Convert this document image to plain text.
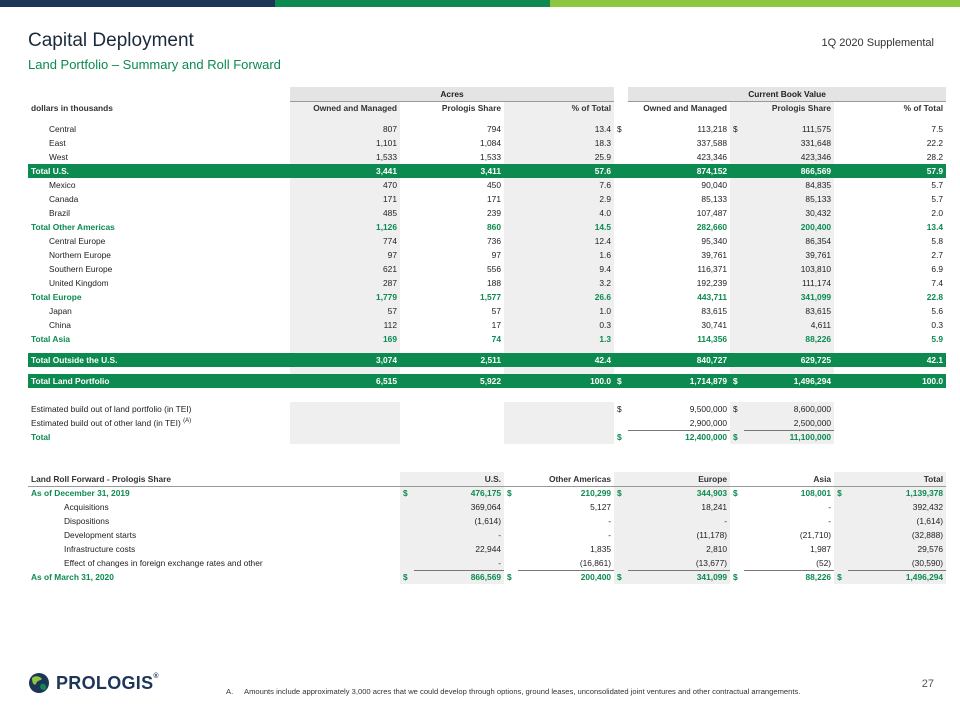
Capital Deployment
Land Portfolio – Summary and Roll Forward
1Q 2020 Supplemental
	Acres				Current Book Value			
dollars in thousands	Owned and Managed	Prologis Share	% of Total	Owned and Managed		Prologis Share		% of Total

Central	807	794	13.4	$	113,218	$	111,575	7.5
East	1,101	1,084	18.3		337,588		331,648	22.2
West	1,533	1,533	25.9		423,346		423,346	28.2
Total U.S.	3,441	3,411	57.6		874,152		866,569	57.9
Mexico	470	450	7.6		90,040		84,835	5.7
Canada	171	171	2.9		85,133		85,133	5.7
Brazil	485	239	4.0		107,487		30,432	2.0
Total Other Americas	1,126	860	14.5		282,660		200,400	13.4
Central Europe	774	736	12.4		95,340		86,354	5.8
Northern Europe	97	97	1.6		39,761		39,761	2.7
Southern Europe	621	556	9.4		116,371		103,810	6.9
United Kingdom	287	188	3.2		192,239		111,174	7.4
Total Europe	1,779	1,577	26.6		443,711		341,099	22.8
Japan	57	57	1.0		83,615		83,615	5.6
China	112	17	0.3		30,741		4,611	0.3
Total Asia	169	74	1.3		114,356		88,226	5.9

Total Outside the U.S.	3,074	2,511	42.4		840,727		629,725	42.1

Total Land Portfolio	6,515	5,922	100.0	$	1,714,879	$	1,496,294	100.0

Estimated build out of land portfolio (in TEI)				$	9,500,000	$	8,600,000	
Estimated build out of other land (in TEI) $^{(A)}$					2,900,000		2,500,000	
Total				$	12,400,000	$	11,100,000	
Land Roll Forward - Prologis Share	U.S.		Other Americas		Europe		Asia		Total	
As of December 31, 2019	$	476,175	$	210,299	$	344,903	$	108,001	$	1,139,378
Acquisitions		369,064		5,127		18,241		-		392,432
Dispositions		(1,614)		-		-		-		(1,614)
Development starts		-		-		(11,178)		(21,710)		(32,888)
Infrastructure costs		22,944		1,835		2,810		1,987		29,576
Effect of changes in foreign exchange rates and other		-		(16,861)		(13,677)		(52)		(30,590)
As of March 31, 2020	$	866,569	$	200,400	$	341,099	$	88,226	$	1,496,294
PROLOGIS®
A. Amounts include approximately 3,000 acres that we could develop through options, ground leases, unconsolidated joint ventures and other contractual arrangements.
27
